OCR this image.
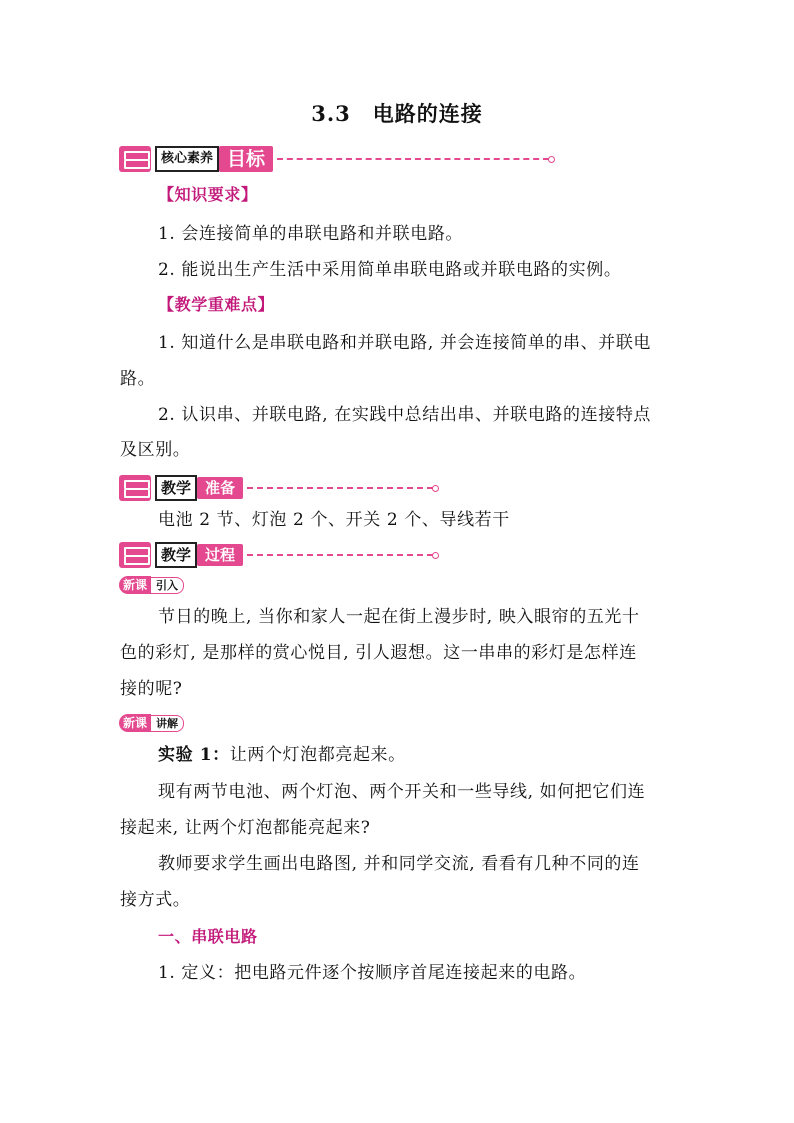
3.3　电路的连接
核心素养 目标
【知识要求】
1. 会连接简单的串联电路和并联电路。
2. 能说出生产生活中采用简单串联电路或并联电路的实例。
【教学重难点】
1. 知道什么是串联电路和并联电路, 并会连接简单的串、并联电
路。
2. 认识串、并联电路, 在实践中总结出串、并联电路的连接特点
及区别。
教学 准备
电池 2 节、灯泡 2 个、开关 2 个、导线若干
教学 过程
新课 引入
节日的晚上, 当你和家人一起在街上漫步时, 映入眼帘的五光十
色的彩灯, 是那样的赏心悦目, 引人遐想。这一串串的彩灯是怎样连
接的呢?
新课 讲解
实验 1：让两个灯泡都亮起来。
现有两节电池、两个灯泡、两个开关和一些导线, 如何把它们连
接起来, 让两个灯泡都能亮起来?
教师要求学生画出电路图, 并和同学交流, 看看有几种不同的连
接方式。
一、串联电路
1. 定义：把电路元件逐个按顺序首尾连接起来的电路。
